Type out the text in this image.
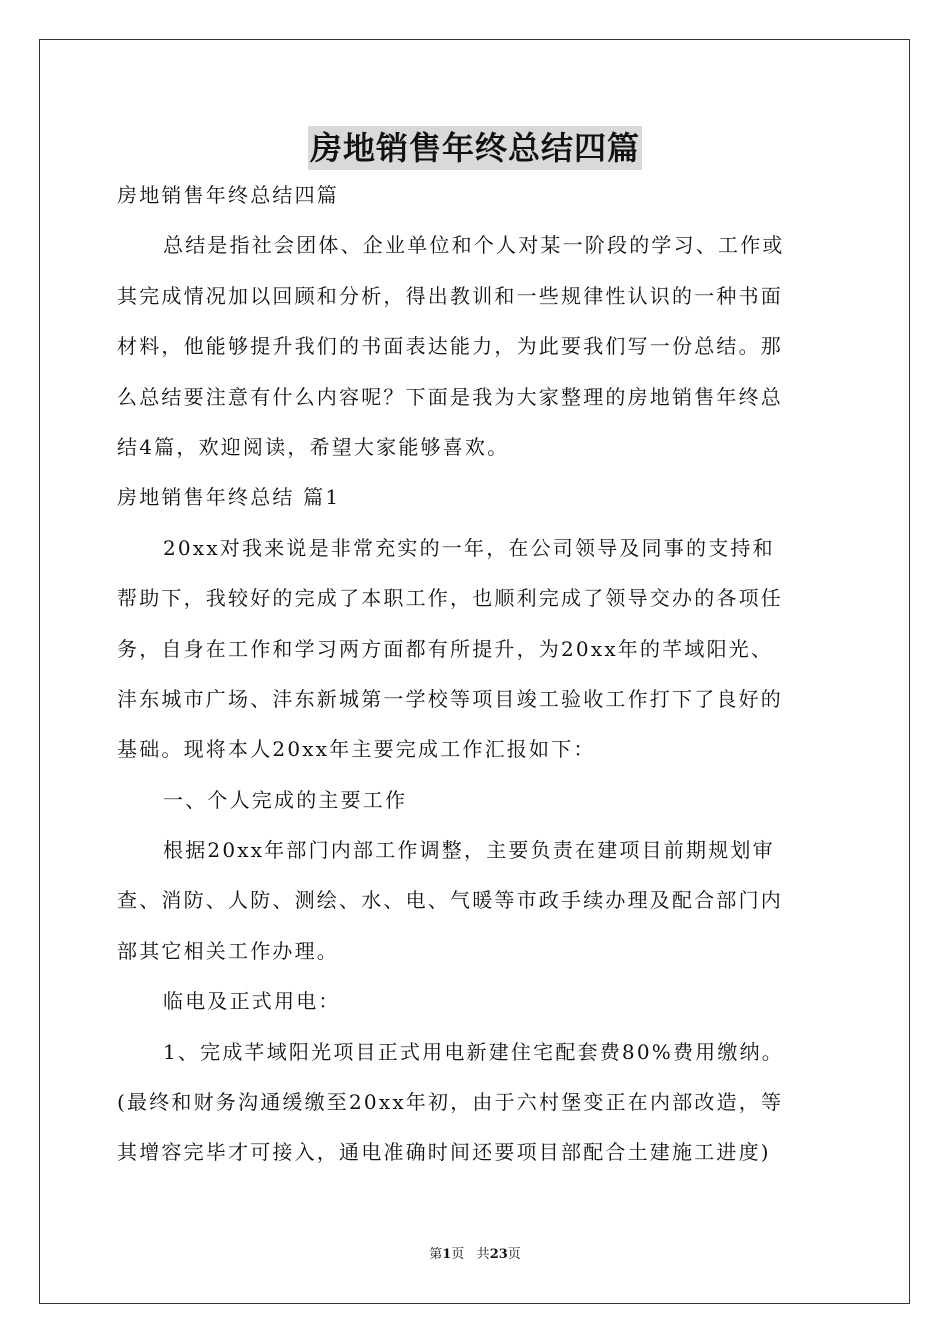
房地销售年终总结四篇
房地销售年终总结四篇
总结是指社会团体、企业单位和个人对某一阶段的学习、工作或
其完成情况加以回顾和分析，得出教训和一些规律性认识的一种书面
材料，他能够提升我们的书面表达能力，为此要我们写一份总结。那
么总结要注意有什么内容呢？下面是我为大家整理的房地销售年终总
结4篇，欢迎阅读，希望大家能够喜欢。
房地销售年终总结 篇1
20xx对我来说是非常充实的一年，在公司领导及同事的支持和
帮助下，我较好的完成了本职工作，也顺利完成了领导交办的各项任
务，自身在工作和学习两方面都有所提升，为20xx年的芊域阳光、
沣东城市广场、沣东新城第一学校等项目竣工验收工作打下了良好的
基础。现将本人20xx年主要完成工作汇报如下：
一、个人完成的主要工作
根据20xx年部门内部工作调整，主要负责在建项目前期规划审
查、消防、人防、测绘、水、电、气暖等市政手续办理及配合部门内
部其它相关工作办理。
临电及正式用电：
1、完成芊域阳光项目正式用电新建住宅配套费80%费用缴纳。
(最终和财务沟通缓缴至20xx年初，由于六村堡变正在内部改造，等
其增容完毕才可接入，通电准确时间还要项目部配合土建施工进度)
第1页 共23页
